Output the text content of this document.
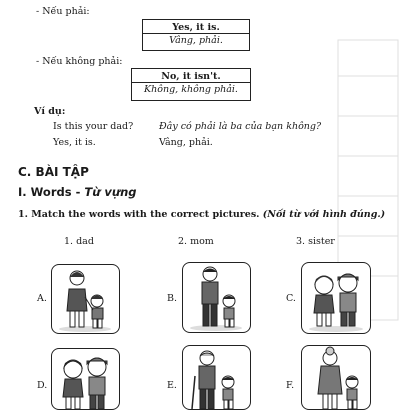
- Nếu phải:
Yes, it is.
Vâng, phải.
- Nếu không phải:
No, it isn't.
Không, không phải.
Ví dụ:
Is this your dad?	Đây có phải là ba của bạn không?
Yes, it is.	Vâng, phải.
C. BÀI TẬP
I. Words - Từ vựng
1. Match the words with the correct pictures. (Nối từ với hình đúng.)
1. dad	2. mom	3. sister
A.	B.	C.
D.	E.	F.
